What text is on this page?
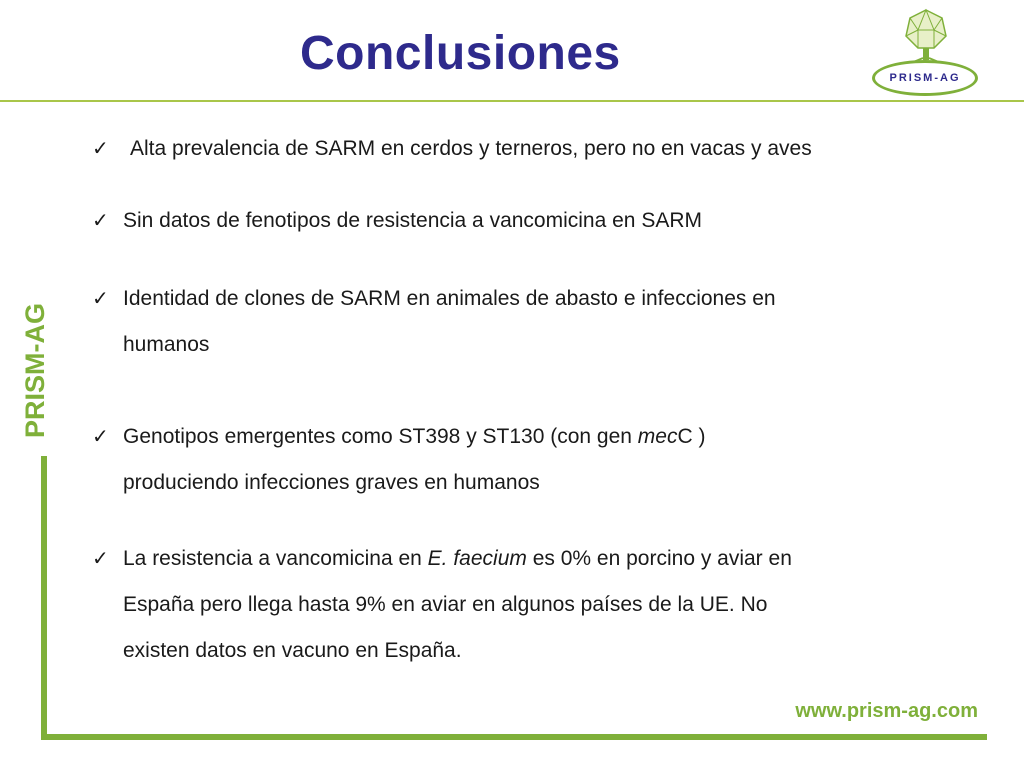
Conclusiones	PRISM-AG
PRISM-AG
www.prism-ag.com
✓ Alta prevalencia de SARM en cerdos y terneros, pero no en vacas y aves
✓ Sin datos de fenotipos de resistencia a vancomicina en SARM
✓ Identidad de clones de SARM en animales de abasto e infecciones en
humanos
✓ Genotipos emergentes como ST398 y ST130 (con gen mecC )
produciendo infecciones graves en humanos
✓ La resistencia a vancomicina en E. faecium es 0% en porcino y aviar en
España pero llega hasta 9% en aviar en algunos países de la UE. No
existen datos en vacuno en España.
